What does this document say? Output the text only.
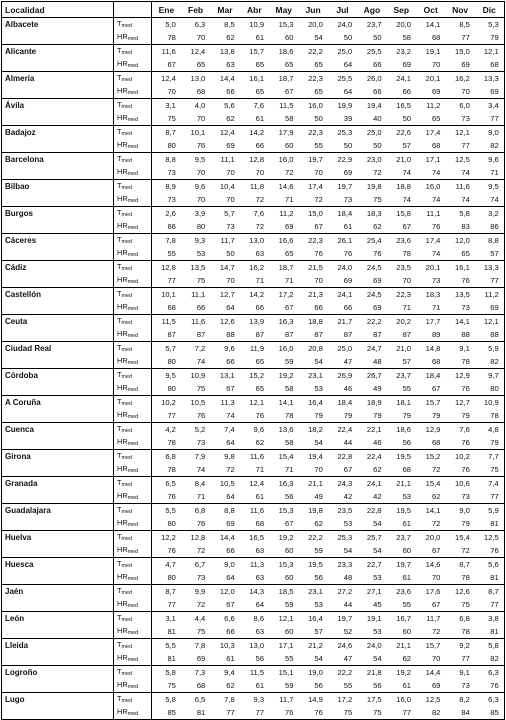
Localidad		Ene	Feb	Mar	Abr	May	Jun	Jul	Ago	Sep	Oct	Nov	Dic
Albacete	$T_{med}$	5,0	6,3	8,5	10,9	15,3	20,0	24,0	23,7	20,0	14,1	8,5	5,3
	$HR_{med}$	78	70	62	61	60	54	50	50	58	68	77	79
Alicante	$T_{med}$	11,6	12,4	13,8	15,7	18,6	22,2	25,0	25,5	23,2	19,1	15,0	12,1
	$HR_{med}$	67	65	63	65	65	65	64	66	69	70	69	68
Almería	$T_{med}$	12,4	13,0	14,4	16,1	18,7	22,3	25,5	26,0	24,1	20,1	16,2	13,3
	$HR_{med}$	70	68	66	65	67	65	64	66	66	69	70	69
Ávila	$T_{med}$	3,1	4,0	5,6	7,6	11,5	16,0	19,9	19,4	16,5	11,2	6,0	3,4
	$HR_{med}$	75	70	62	61	58	50	39	40	50	65	73	77
Badajoz	$T_{med}$	8,7	10,1	12,4	14,2	17,9	22,3	25,3	25,0	22,6	17,4	12,1	9,0
	$HR_{med}$	80	76	69	66	60	55	50	50	57	68	77	82
Barcelona	$T_{med}$	8,8	9,5	11,1	12,8	16,0	19,7	22,9	23,0	21,0	17,1	12,5	9,6
	$HR_{med}$	73	70	70	70	72	70	69	72	74	74	74	71
Bilbao	$T_{med}$	8,9	9,6	10,4	11,8	14,6	17,4	19,7	19,8	18,8	16,0	11,6	9,5
	$HR_{med}$	73	70	70	72	71	72	73	75	74	74	74	74
Burgos	$T_{med}$	2,6	3,9	5,7	7,6	11,2	15,0	18,4	18,3	15,8	11,1	5,8	3,2
	$HR_{med}$	86	80	73	72	69	67	61	62	67	76	83	86
Cáceres	$T_{med}$	7,8	9,3	11,7	13,0	16,6	22,3	26,1	25,4	23,6	17,4	12,0	8,8
	$HR_{med}$	55	53	50	63	65	76	76	76	78	74	65	57
Cádiz	$T_{med}$	12,8	13,5	14,7	16,2	18,7	21,5	24,0	24,5	23,5	20,1	16,1	13,3
	$HR_{med}$	77	75	70	71	71	70	69	69	70	73	76	77
Castellón	$T_{med}$	10,1	11,1	12,7	14,2	17,2	21,3	24,1	24,5	22,3	18,3	13,5	11,2
	$HR_{med}$	68	66	64	66	67	66	66	69	71	71	73	69
Ceuta	$T_{med}$	11,5	11,6	12,6	13,9	16,3	18,8	21,7	22,2	20,2	17,7	14,1	12,1
	$HR_{med}$	87	87	88	87	87	87	87	87	87	89	88	88
Ciudad Real	$T_{med}$	5,7	7,2	9,6	11,9	16,0	20,8	25,0	24,7	21,0	14,8	9,1	5,9
	$HR_{med}$	80	74	66	65	59	54	47	48	57	68	78	82
Córdoba	$T_{med}$	9,5	10,9	13,1	15,2	19,2	23,1	26,9	26,7	23,7	18,4	12,9	9,7
	$HR_{med}$	80	75	67	65	58	53	46	49	55	67	76	80
A Coruña	$T_{med}$	10,2	10,5	11,3	12,1	14,1	16,4	18,4	18,9	18,1	15,7	12,7	10,9
	$HR_{med}$	77	76	74	76	78	79	79	79	79	79	79	78
Cuenca	$T_{med}$	4,2	5,2	7,4	9,6	13,6	18,2	22,4	22,1	18,6	12,9	7,6	4,8
	$HR_{med}$	78	73	64	62	58	54	44	46	56	68	76	79
Girona	$T_{med}$	6,8	7,9	9,8	11,6	15,4	19,4	22,8	22,4	19,5	15,2	10,2	7,7
	$HR_{med}$	78	74	72	71	71	70	67	62	68	72	76	75
Granada	$T_{med}$	6,5	8,4	10,5	12,4	16,3	21,1	24,3	24,1	21,1	15,4	10,6	7,4
	$HR_{med}$	76	71	64	61	56	49	42	42	53	62	73	77
Guadalajara	$T_{med}$	5,5	6,8	8,8	11,6	15,3	19,8	23,5	22,8	19,5	14,1	9,0	5,9
	$HR_{med}$	80	76	69	68	67	62	53	54	61	72	79	81
Huelva	$T_{med}$	12,2	12,8	14,4	16,5	19,2	22,2	25,3	25,7	23,7	20,0	15,4	12,5
	$HR_{med}$	76	72	66	63	60	59	54	54	60	67	72	76
Huesca	$T_{med}$	4,7	6,7	9,0	11,3	15,3	19,5	23,3	22,7	19,7	14,6	8,7	5,6
	$HR_{med}$	80	73	64	63	60	56	48	53	61	70	78	81
Jaén	$T_{med}$	8,7	9,9	12,0	14,3	18,5	23,1	27,2	27,1	23,6	17,6	12,6	8,7
	$HR_{med}$	77	72	67	64	59	53	44	45	55	67	75	77
León	$T_{med}$	3,1	4,4	6,6	8,6	12,1	16,4	19,7	19,1	16,7	11,7	6,8	3,8
	$HR_{med}$	81	75	66	63	60	57	52	53	60	72	78	81
Lleida	$T_{med}$	5,5	7,8	10,3	13,0	17,1	21,2	24,6	24,0	21,1	15,7	9,2	5,8
	$HR_{med}$	81	69	61	56	55	54	47	54	62	70	77	82
Logroño	$T_{med}$	5,8	7,3	9,4	11,5	15,1	19,0	22,2	21,8	19,2	14,4	9,1	6,3
	$HR_{med}$	75	68	62	61	59	56	55	56	61	69	73	76
Lugo	$T_{med}$	5,8	6,5	7,8	9,3	11,7	14,9	17,2	17,5	16,0	12,5	8,2	6,3
	$HR_{med}$	85	81	77	77	76	76	75	75	77	82	84	85
